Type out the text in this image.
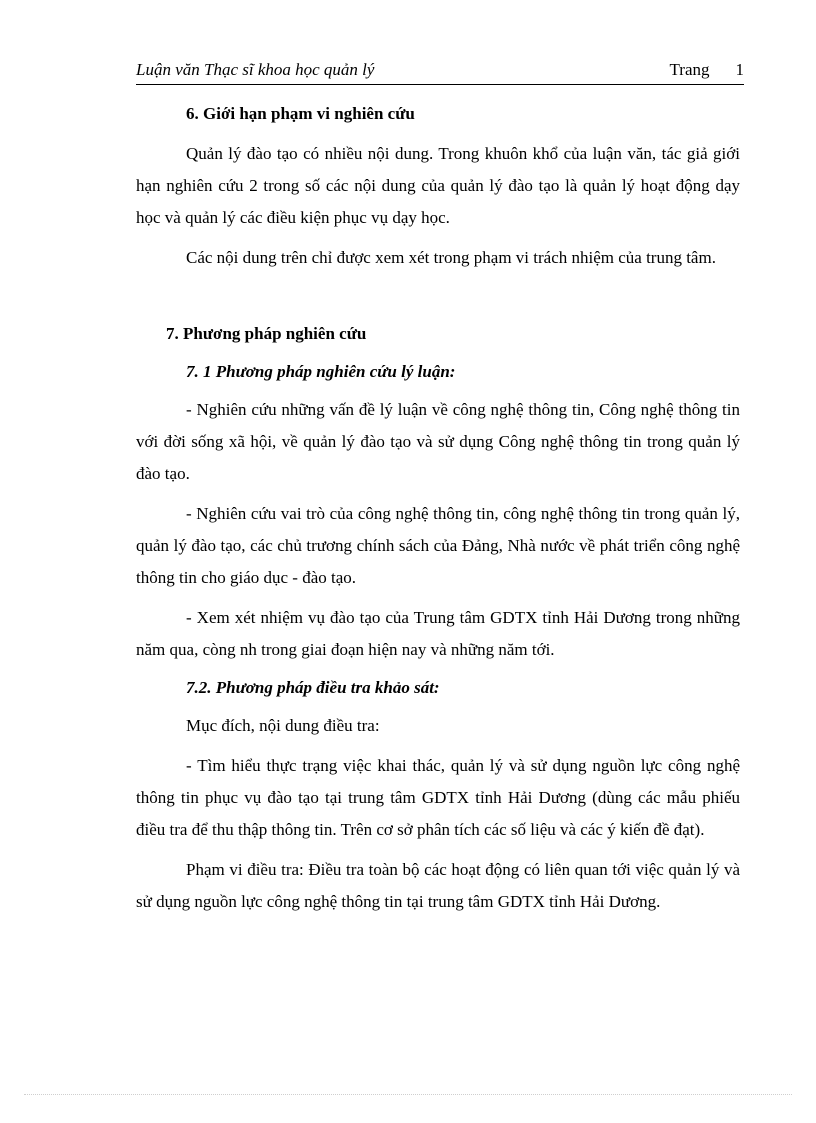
Luận văn Thạc sĩ khoa học quản lý	Trang 1

6. Giới hạn phạm vi nghiên cứu

Quản lý đào tạo có nhiều nội dung. Trong khuôn khổ của luận văn, tác giả giới hạn nghiên cứu 2 trong số các nội dung của quản lý đào tạo là quản lý hoạt động dạy học và quản lý các điều kiện phục vụ dạy học.

Các nội dung trên chỉ được xem xét trong phạm vi trách nhiệm của trung tâm.

7. Phương pháp nghiên cứu

7. 1 Phương pháp nghiên cứu lý luận:

- Nghiên cứu những vấn đề lý luận về công nghệ thông tin, Công nghệ thông tin với đời sống xã hội, về quản lý đào tạo và sử dụng Công nghệ thông tin trong quản lý đào tạo.

- Nghiên cứu vai trò của công nghệ thông tin, công nghệ thông tin trong quản lý, quản lý đào tạo, các chủ trương chính sách của Đảng, Nhà nước về phát triển công nghệ thông tin cho giáo dục - đào tạo.

- Xem xét nhiệm vụ đào tạo của Trung tâm GDTX tỉnh Hải Dương trong những năm qua, còng nh trong giai đoạn hiện nay và những năm tới.

7.2. Phương pháp điều tra khảo sát:

Mục đích, nội dung điều tra:

- Tìm hiểu thực trạng việc khai thác, quản lý và sử dụng nguồn lực công nghệ thông tin phục vụ đào tạo tại trung tâm GDTX tỉnh Hải Dương (dùng các mẫu phiếu điều tra để thu thập thông tin. Trên cơ sở phân tích các số liệu và các ý kiến đề đạt).

Phạm vi điều tra: Điều tra toàn bộ các hoạt động có liên quan tới việc quản lý và sử dụng nguồn lực công nghệ thông tin tại trung tâm GDTX tỉnh Hải Dương.
